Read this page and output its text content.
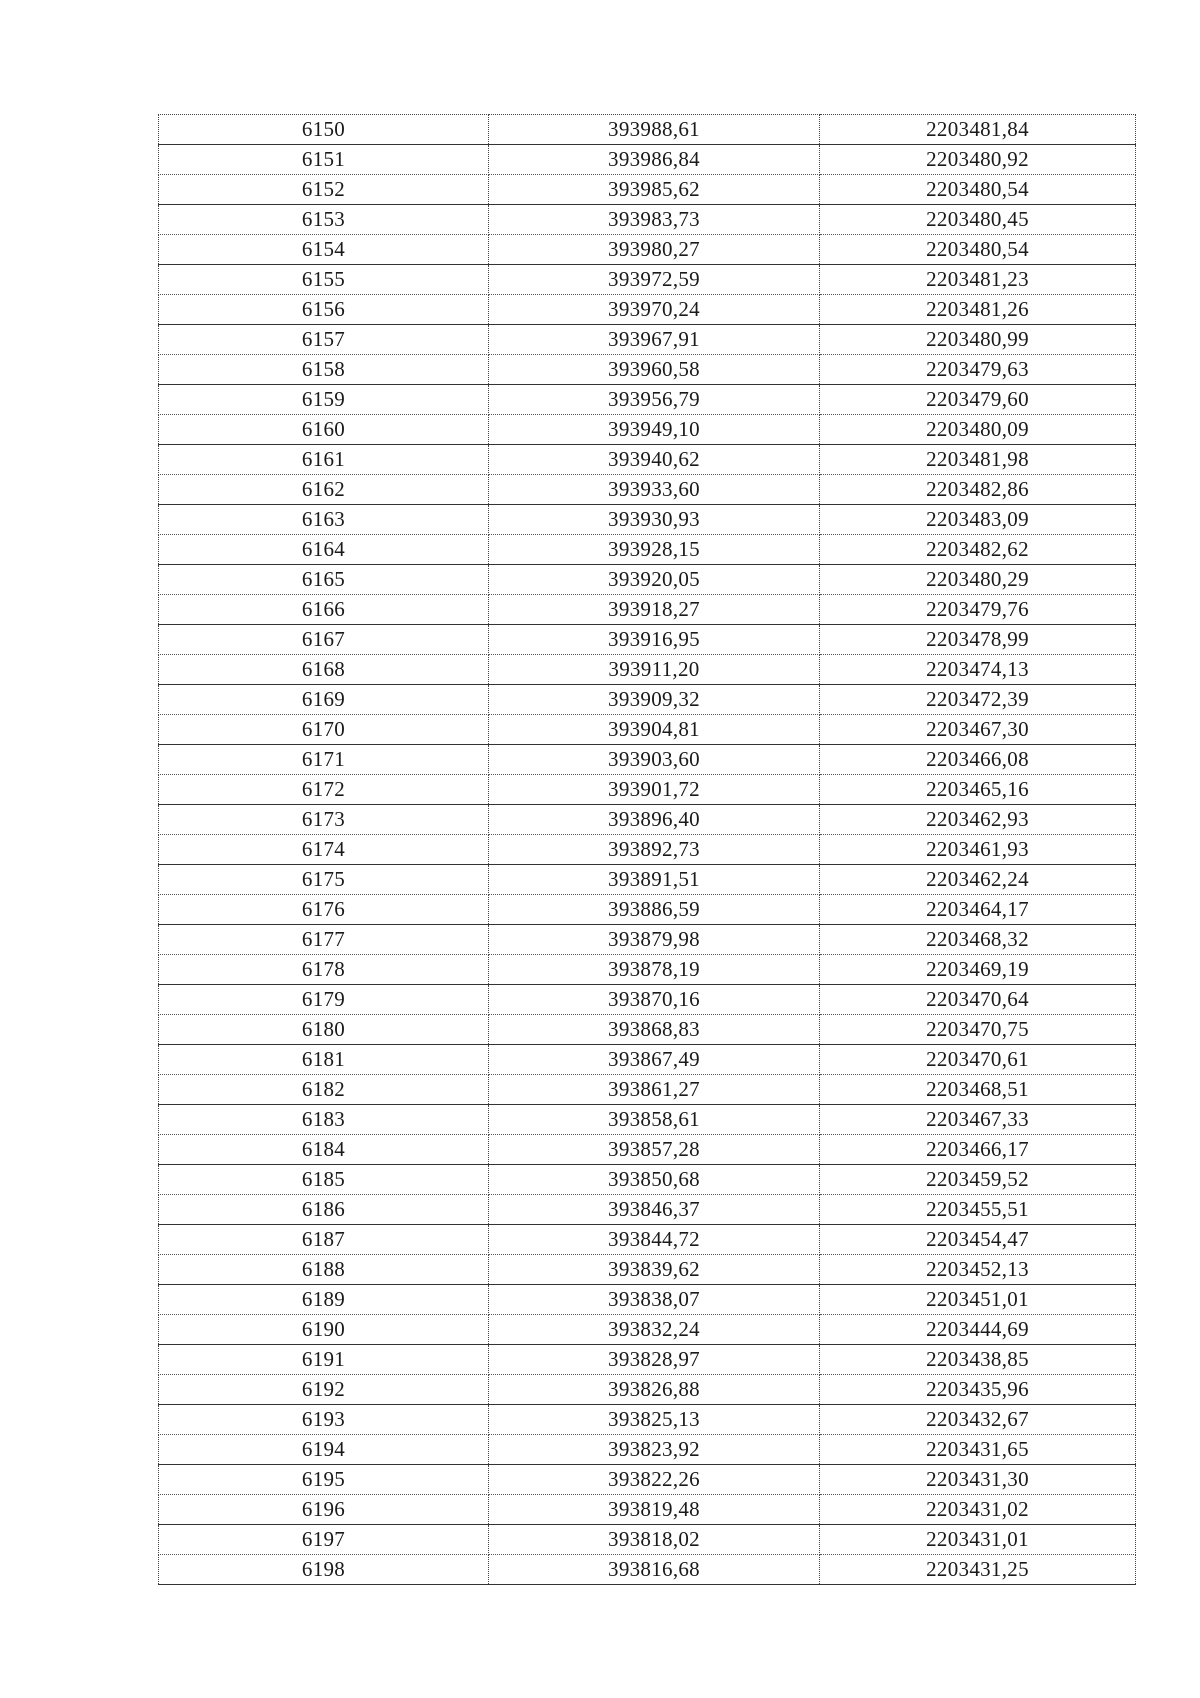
6150	393988,61	2203481,84
6151	393986,84	2203480,92
6152	393985,62	2203480,54
6153	393983,73	2203480,45
6154	393980,27	2203480,54
6155	393972,59	2203481,23
6156	393970,24	2203481,26
6157	393967,91	2203480,99
6158	393960,58	2203479,63
6159	393956,79	2203479,60
6160	393949,10	2203480,09
6161	393940,62	2203481,98
6162	393933,60	2203482,86
6163	393930,93	2203483,09
6164	393928,15	2203482,62
6165	393920,05	2203480,29
6166	393918,27	2203479,76
6167	393916,95	2203478,99
6168	393911,20	2203474,13
6169	393909,32	2203472,39
6170	393904,81	2203467,30
6171	393903,60	2203466,08
6172	393901,72	2203465,16
6173	393896,40	2203462,93
6174	393892,73	2203461,93
6175	393891,51	2203462,24
6176	393886,59	2203464,17
6177	393879,98	2203468,32
6178	393878,19	2203469,19
6179	393870,16	2203470,64
6180	393868,83	2203470,75
6181	393867,49	2203470,61
6182	393861,27	2203468,51
6183	393858,61	2203467,33
6184	393857,28	2203466,17
6185	393850,68	2203459,52
6186	393846,37	2203455,51
6187	393844,72	2203454,47
6188	393839,62	2203452,13
6189	393838,07	2203451,01
6190	393832,24	2203444,69
6191	393828,97	2203438,85
6192	393826,88	2203435,96
6193	393825,13	2203432,67
6194	393823,92	2203431,65
6195	393822,26	2203431,30
6196	393819,48	2203431,02
6197	393818,02	2203431,01
6198	393816,68	2203431,25
